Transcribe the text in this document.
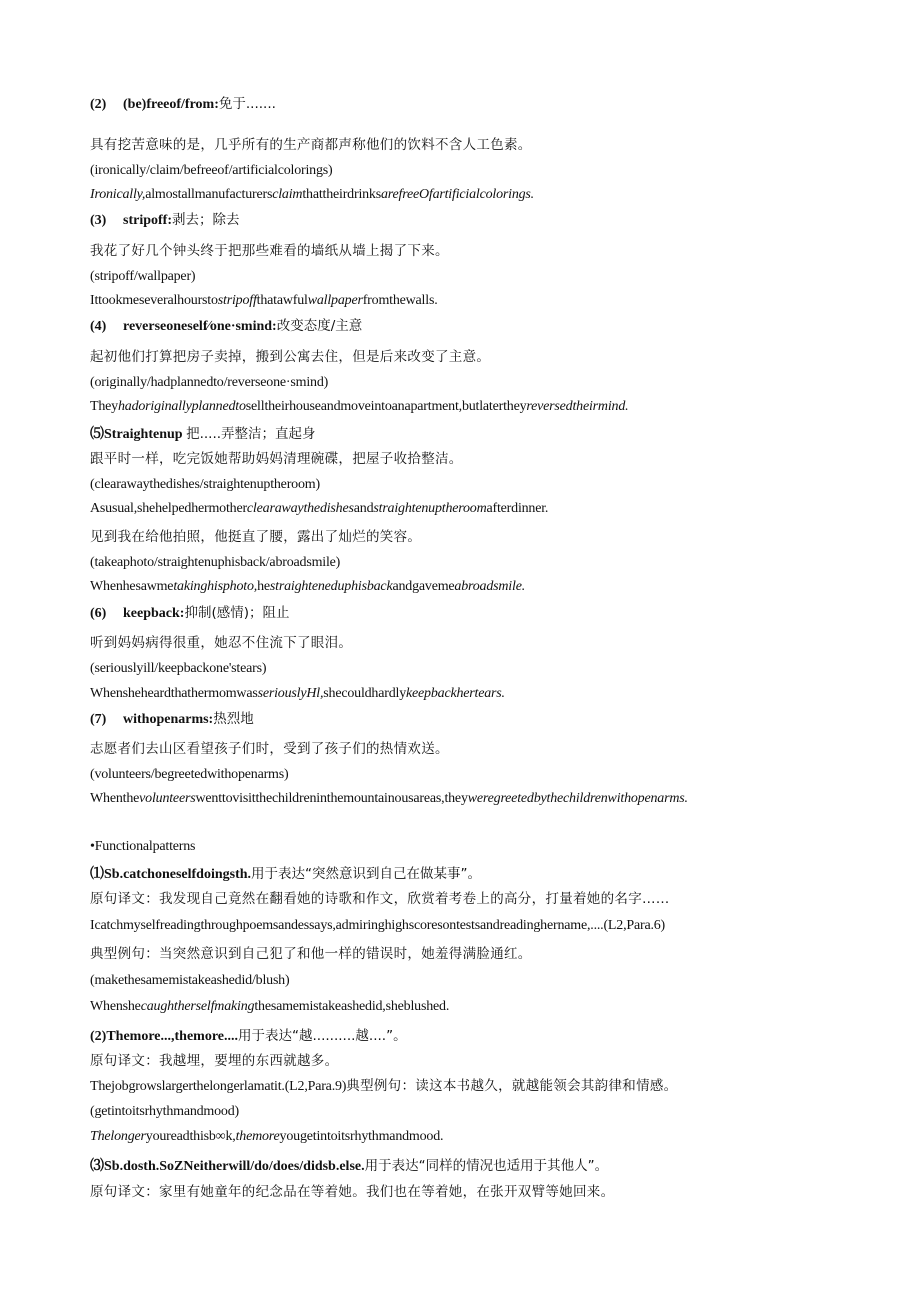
(2) (be)freeof/from:免于.......
具有挖苦意味的是，几乎所有的生产商都声称他们的饮料不含人工色素。
(ironically/claim/befreeof/artificialcolorings)
Ironically,almostallmanufacturersclaimthattheirdrinksarefreeOfartificialcolorings.
(3) stripoff:剥去；除去
我花了好几个钟头终于把那些难看的墙纸从墙上揭了下来。
(stripoff/wallpaper)
Ittookmeseveralhourstostripoffthatawfulwallpaperfromthewalls.
(4) reverseoneself∕one·smind:改变态度/主意
起初他们打算把房子卖掉，搬到公寓去住，但是后来改变了主意。
(originally/hadplannedto/reverseone·smind)
Theyhadoriginallyplannedtoselltheirhouseandmoveintoanapartment,butlatertheyreversedtheirmind.
⑸Straightenup 把.....弄整洁；直起身
跟平时一样，吃完饭她帮助妈妈清理碗碟，把屋子收拾整洁。
(clearawaythedishes/straightenuptheroom)
Asusual,shehelpedhermotherclearawaythedishesandstraightenuptheroomafterdinner.
见到我在给他拍照，他挺直了腰，露出了灿烂的笑容。
(takeaphoto/straightenuphisback/abroadsmile)
Whenhesawmetakinghisphoto,hestraighteneduphisbackandgavemeabroadsmile.
(6) keepback:抑制(感情)；阻止
听到妈妈病得很重，她忍不住流下了眼泪。
(seriouslyill/keepbackone'stears)
WhensheheardthathermomwasseriouslyHl,shecouldhardlykeepbackhertears.
(7) withopenarms:热烈地
志愿者们去山区看望孩子们时，受到了孩子们的热情欢送。
(volunteers/begreetedwithopenarms)
Whenthevolunteerswenttovisitthechildreninthemountainousareas,theyweregreetedbythechildrenwithopenarms.
•Functionalpatterns
⑴Sb.catchoneselfdoingsth.用于表达“突然意识到自己在做某事”。
原句译文：我发现自己竟然在翻看她的诗歌和作文，欣赏着考卷上的高分，打量着她的名字……
Icatchmyselfreadingthroughpoemsandessays,admiringhighscoresontestsandreadinghername,....(L2,Para.6)
典型例句：当突然意识到自己犯了和他一样的错误时，她羞得满脸通红。
(makethesamemistakeashedid/blush)
Whenshecaughtherselfmakingthesamemistakeashedid,sheblushed.
(2)Themore...,themore....用于表达“越..........越....”。
原句译文：我越埋，要埋的东西就越多。
Thejobgrowslargerthelongerlamatit.(L2,Para.9)典型例句：读这本书越久，就越能领会其韵律和情感。
(getintoitsrhythmandmood)
Thelongeryoureadthisb∞k,themoreyougetintoitsrhythmandmood.
⑶Sb.dosth.SoZNeitherwill/do/does/didsb.else.用于表达“同样的情况也适用于其他人”。
原句译文：家里有她童年的纪念品在等着她。我们也在等着她，在张开双臂等她回来。
